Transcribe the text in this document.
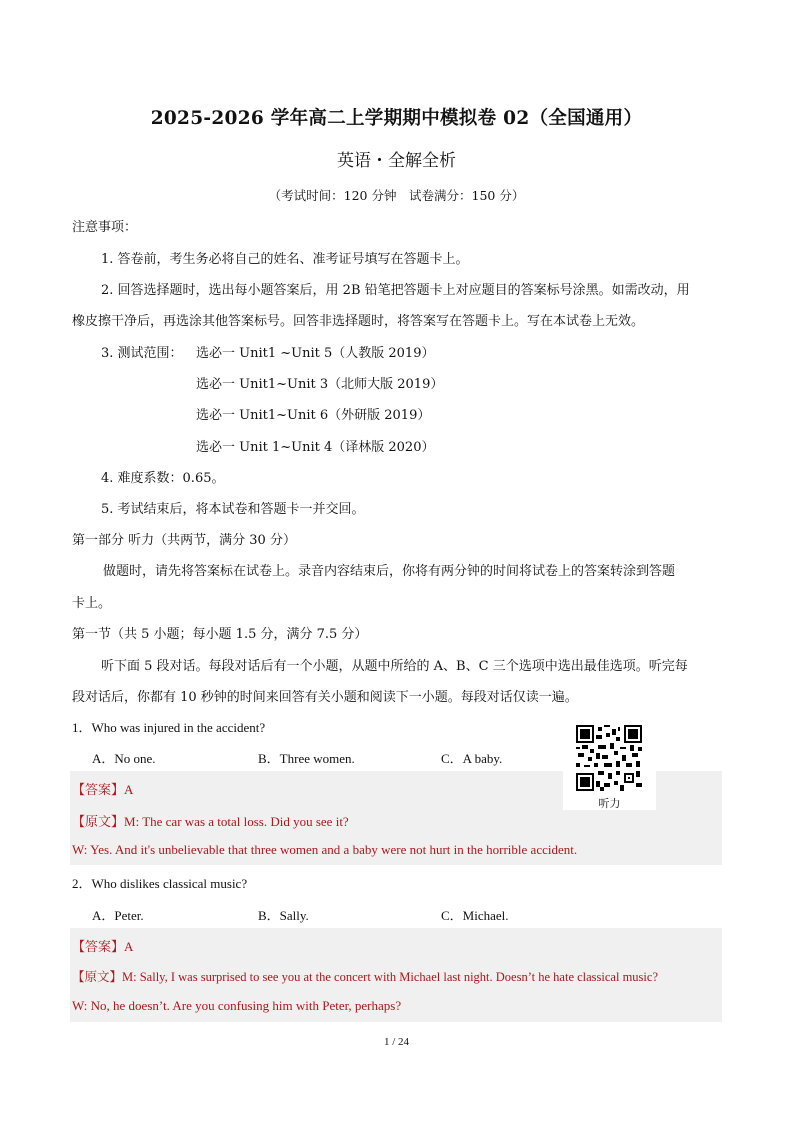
2025-2026 学年高二上学期期中模拟卷 02（全国通用）
英语・全解全析
（考试时间：120 分钟　试卷满分：150 分）
注意事项：
1. 答卷前，考生务必将自己的姓名、准考证号填写在答题卡上。
2. 回答选择题时，选出每小题答案后，用 2B 铅笔把答题卡上对应题目的答案标号涂黑。如需改动，用
橡皮擦干净后，再选涂其他答案标号。回答非选择题时，将答案写在答题卡上。写在本试卷上无效。
3. 测试范围： 选必一 Unit1 ~Unit 5（人教版 2019）
选必一 Unit1~Unit 3（北师大版 2019）
选必一 Unit1~Unit 6（外研版 2019）
选必一 Unit 1~Unit 4（译林版 2020）
4. 难度系数：0.65。
5. 考试结束后，将本试卷和答题卡一并交回。
第一部分 听力（共两节，满分 30 分）
做题时，请先将答案标在试卷上。录音内容结束后，你将有两分钟的时间将试卷上的答案转涂到答题
卡上。
第一节（共 5 小题；每小题 1.5 分，满分 7.5 分）
听下面 5 段对话。每段对话后有一个小题，从题中所给的 A、B、C 三个选项中选出最佳选项。听完每
段对话后，你都有 10 秒钟的时间来回答有关小题和阅读下一小题。每段对话仅读一遍。
1．Who was injured in the accident?
A．No one.	B．Three women.	C．A baby.
【答案】A
【原文】M: The car was a total loss. Did you see it?
W: Yes. And it's unbelievable that three women and a baby were not hurt in the horrible accident.
听力
2．Who dislikes classical music?
A．Peter.	B．Sally.	C．Michael.
【答案】A
【原文】M: Sally, I was surprised to see you at the concert with Michael last night. Doesn’t he hate classical music?
W: No, he doesn’t. Are you confusing him with Peter, perhaps?
1 / 24
